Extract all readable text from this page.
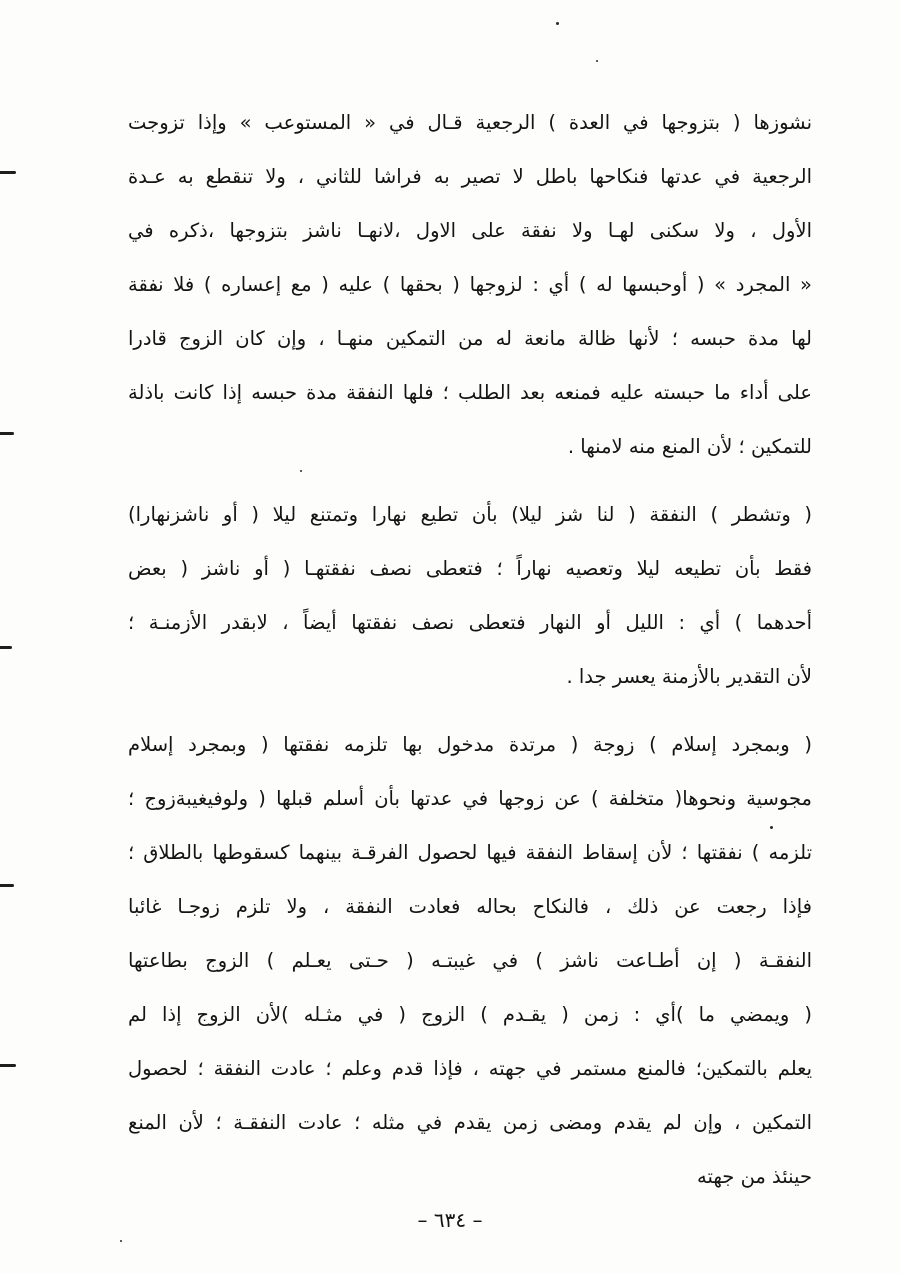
نشوزها ( بتزوجها في العدة ) الرجعية قـال في « المستوعب » وإذا تزوجت
الرجعية في عدتها فنكاحها باطل لا تصير به فراشا للثاني ، ولا تنقطع به عـدة
الأول ، ولا سكنى لهـا ولا نفقة على الاول ،لانهـا ناشز بتزوجها ،ذكره في
« المجرد » ( أوحبسها له ) أي : لزوجها ( بحقها ) عليه ( مع إعساره ) فلا نفقة
لها مدة حبسه ؛ لأنها ظالة مانعة له من التمكين منهـا ، وإن كان الزوج قادرا
على أداء ما حبسته عليه فمنعه بعد الطلب ؛ فلها النفقة مدة حبسه إذا كانت باذلة
للتمكين ؛ لأن المنع منه لامنها .
( وتشطر ) النفقة ( لنا شز ليلا) بأن تطيع نهارا وتمتنع ليلا ( أو ناشزنهارا)
فقط بأن تطيعه ليلا وتعصيه نهاراً ؛ فتعطى نصف نفقتهـا ( أو ناشز ( بعض
أحدهما ) أي : الليل أو النهار فتعطى نصف نفقتها أيضاً ، لابقدر الأزمنـة ؛
لأن التقدير بالأزمنة يعسر جدا .
( وبمجرد إسلام ) زوجة ( مرتدة مدخول بها تلزمه نفقتها ( وبمجرد إسلام
مجوسية ونحوها( متخلفة ) عن زوجها في عدتها بأن أسلم قبلها ( ولوفيغيبةزوج ؛
تلزمه ) نفقتها ؛ لأن إسقاط النفقة فيها لحصول الفرقـة بينهما كسقوطها بالطلاق ؛
فإذا رجعت عن ذلك ، فالنكاح بحاله فعادت النفقة ، ولا تلزم زوجـا غائبا
النفقـة ( إن أطـاعت ناشز ) في غيبتـه ( حـتى يعـلم ) الزوج بطاعتها
( ويمضي ما )أي : زمن ( يقـدم ) الزوج ( في مثـله )لأن الزوج إذا لم
يعلم بالتمكين؛ فالمنع مستمر في جهته ، فإذا قدم وعلم ؛ عادت النفقة ؛ لحصول
التمكين ، وإن لم يقدم ومضى زمن يقدم في مثله ؛ عادت النفقـة ؛ لأن المنع
حينئذ من جهته
– ٦٣٤ –
